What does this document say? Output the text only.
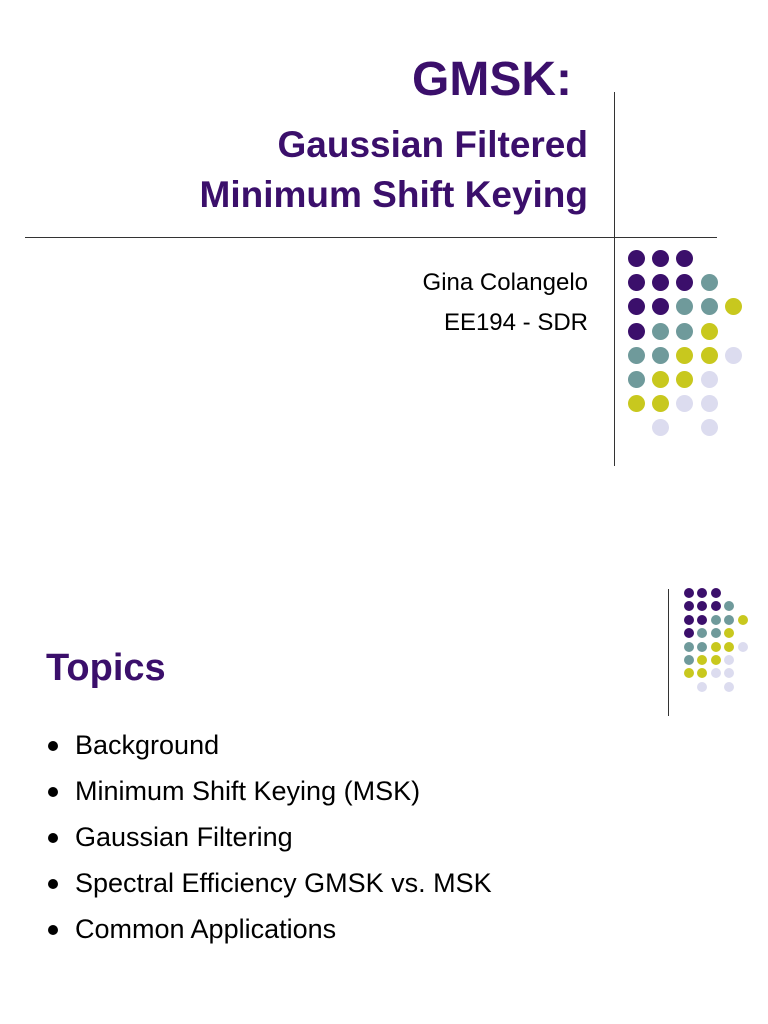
GMSK:
Gaussian Filtered
Minimum Shift Keying
Gina Colangelo
EE194 - SDR
Topics
Background
Minimum Shift Keying (MSK)
Gaussian Filtering
Spectral Efficiency GMSK vs. MSK
Common Applications
